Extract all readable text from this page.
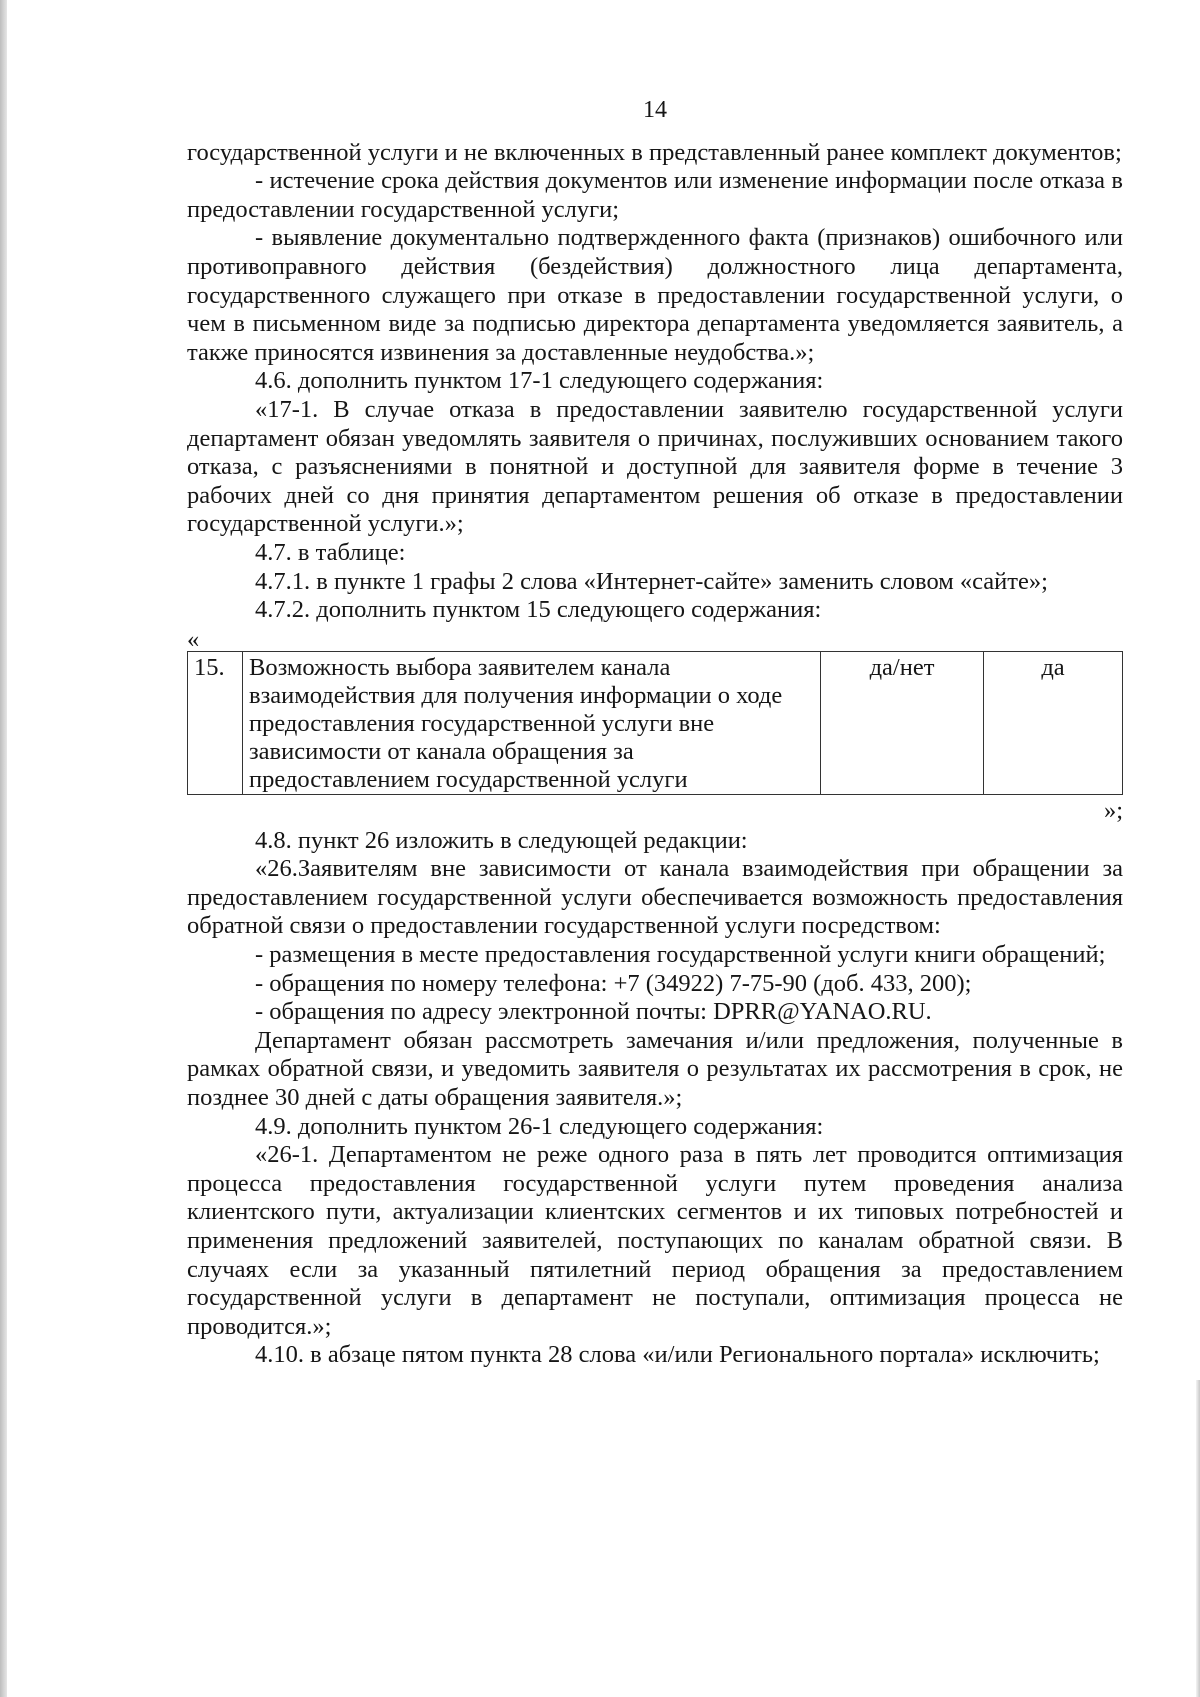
14

государственной услуги и не включенных в представленный ранее комплект документов;

- истечение срока действия документов или изменение информации после отказа в предоставлении государственной услуги;

- выявление документально подтвержденного факта (признаков) ошибочного или противоправного действия (бездействия) должностного лица департамента, государственного служащего при отказе в предоставлении государственной услуги, о чем в письменном виде за подписью директора департамента уведомляется заявитель, а также приносятся извинения за доставленные неудобства.»;

4.6. дополнить пунктом 17-1 следующего содержания:

«17-1. В случае отказа в предоставлении заявителю государственной услуги департамент обязан уведомлять заявителя о причинах, послуживших основанием такого отказа, с разъяснениями в понятной и доступной для заявителя форме в течение 3 рабочих дней со дня принятия департаментом решения об отказе в предоставлении государственной услуги.»;

4.7. в таблице:

4.7.1. в пункте 1 графы 2 слова «Интернет-сайте» заменить словом «сайте»;

4.7.2. дополнить пунктом 15 следующего содержания:

«

15.	Возможность выбора заявителем канала взаимодействия для получения информации о ходе предоставления государственной услуги вне зависимости от канала обращения за предоставлением государственной услуги	да/нет	да

»;

4.8. пункт 26 изложить в следующей редакции:

«26.Заявителям вне зависимости от канала взаимодействия при обращении за предоставлением государственной услуги обеспечивается возможность предоставления обратной связи о предоставлении государственной услуги посредством:

- размещения в месте предоставления государственной услуги книги обращений;

- обращения по номеру телефона: +7 (34922) 7-75-90 (доб. 433, 200);

- обращения по адресу электронной почты: DPRR@YANAO.RU.

Департамент обязан рассмотреть замечания и/или предложения, полученные в рамках обратной связи, и уведомить заявителя о результатах их рассмотрения в срок, не позднее 30 дней с даты обращения заявителя.»;

4.9. дополнить пунктом 26-1 следующего содержания:

«26-1. Департаментом не реже одного раза в пять лет проводится оптимизация процесса предоставления государственной услуги путем проведения анализа клиентского пути, актуализации клиентских сегментов и их типовых потребностей и применения предложений заявителей, поступающих по каналам обратной связи. В случаях если за указанный пятилетний период обращения за предоставлением государственной услуги в департамент не поступали, оптимизация процесса не проводится.»;

4.10. в абзаце пятом пункта 28 слова «и/или Регионального портала» исключить;
